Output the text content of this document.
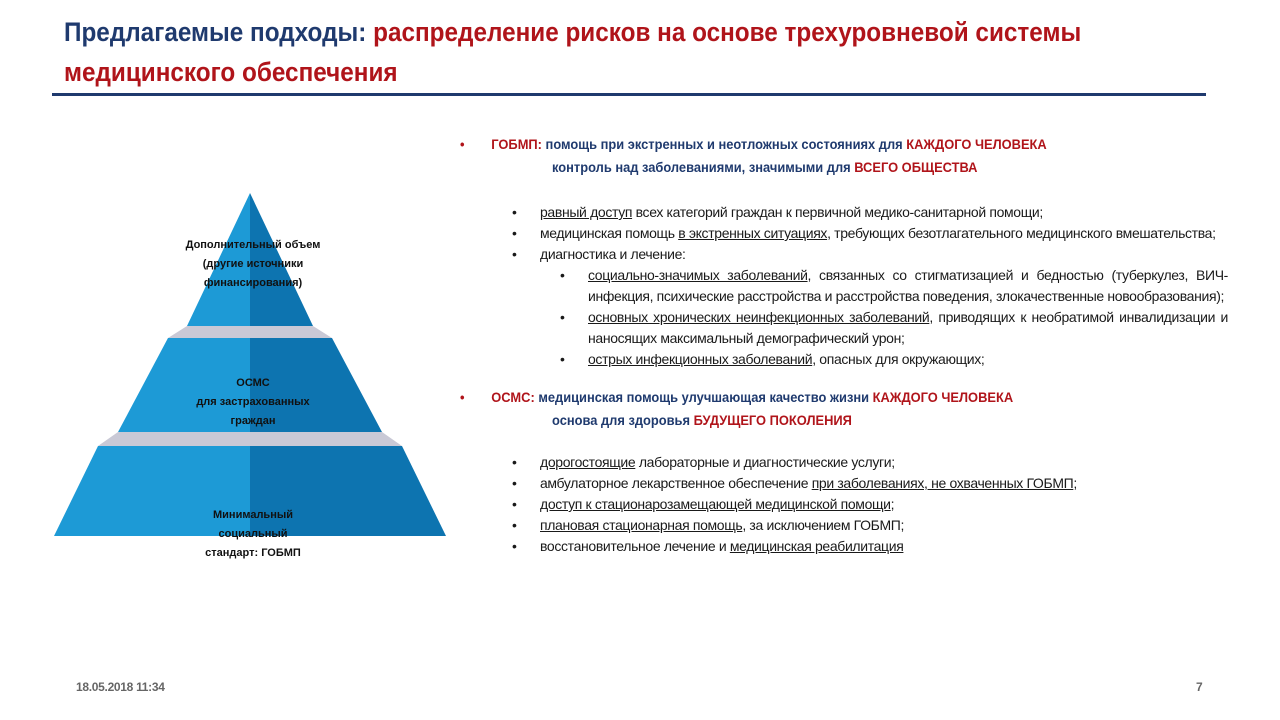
Предлагаемые подходы: распределение рисков на основе трехуровневой системы
медицинского обеспечения
Дополнительный объем
(другие источники
финансирования)
ОСМС
для застрахованных
граждан
Минимальный
социальный
стандарт: ГОБМП
• ГОБМП: помощь при экстренных и неотложных состояниях для КАЖДОГО ЧЕЛОВЕКА
контроль над заболеваниями, значимыми для ВСЕГО ОБЩЕСТВА
• равный доступ всех категорий граждан к первичной медико-санитарной помощи;
• медицинская помощь в экстренных ситуациях, требующих безотлагательного медицинского вмешательства;
• диагностика и лечение:
• социально-значимых заболеваний, связанных со стигматизацией и бедностью (туберкулез, ВИЧ-инфекция, психические расстройства и расстройства поведения, злокачественные новообразования);
• основных хронических неинфекционных заболеваний, приводящих к необратимой инвалидизации и наносящих максимальный демографический урон;
• острых инфекционных заболеваний, опасных для окружающих;
• ОСМС: медицинская помощь улучшающая качество жизни КАЖДОГО ЧЕЛОВЕКА
основа для здоровья БУДУЩЕГО ПОКОЛЕНИЯ
• дорогостоящие лабораторные и диагностические услуги;
• амбулаторное лекарственное обеспечение при заболеваниях, не охваченных ГОБМП;
• доступ к стационарозамещающей медицинской помощи;
• плановая стационарная помощь, за исключением ГОБМП;
• восстановительное лечение и медицинская реабилитация
18.05.2018 11:34	7
